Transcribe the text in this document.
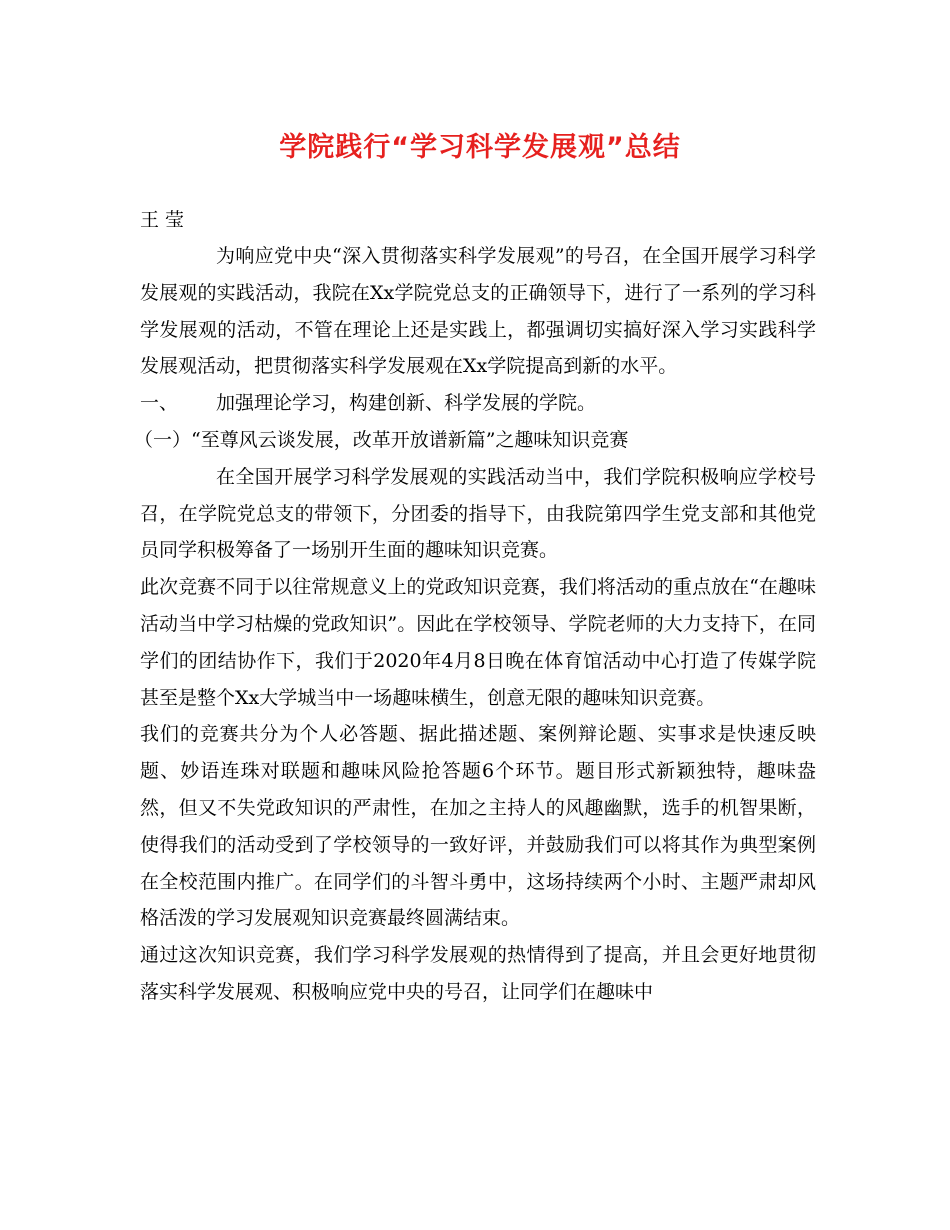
学院践行“学习科学发展观”总结

王 莹

为响应党中央“深入贯彻落实科学发展观”的号召，在全国开展学习科学发展观的实践活动，我院在Xx学院党总支的正确领导下，进行了一系列的学习科学发展观的活动，不管在理论上还是实践上，都强调切实搞好深入学习实践科学发展观活动，把贯彻落实科学发展观在Xx学院提高到新的水平。

一、 加强理论学习，构建创新、科学发展的学院。

（一）“至尊风云谈发展，改革开放谱新篇”之趣味知识竞赛

在全国开展学习科学发展观的实践活动当中，我们学院积极响应学校号召，在学院党总支的带领下，分团委的指导下，由我院第四学生党支部和其他党员同学积极筹备了一场别开生面的趣味知识竞赛。

此次竞赛不同于以往常规意义上的党政知识竞赛，我们将活动的重点放在“在趣味活动当中学习枯燥的党政知识”。因此在学校领导、学院老师的大力支持下，在同学们的团结协作下，我们于2020年4月8日晚在体育馆活动中心打造了传媒学院甚至是整个Xx大学城当中一场趣味横生，创意无限的趣味知识竞赛。

我们的竞赛共分为个人必答题、据此描述题、案例辩论题、实事求是快速反映题、妙语连珠对联题和趣味风险抢答题6个环节。题目形式新颖独特，趣味盎然，但又不失党政知识的严肃性，在加之主持人的风趣幽默，选手的机智果断，使得我们的活动受到了学校领导的一致好评，并鼓励我们可以将其作为典型案例在全校范围内推广。在同学们的斗智斗勇中，这场持续两个小时、主题严肃却风格活泼的学习发展观知识竞赛最终圆满结束。

通过这次知识竞赛，我们学习科学发展观的热情得到了提高，并且会更好地贯彻落实科学发展观、积极响应党中央的号召，让同学们在趣味中
